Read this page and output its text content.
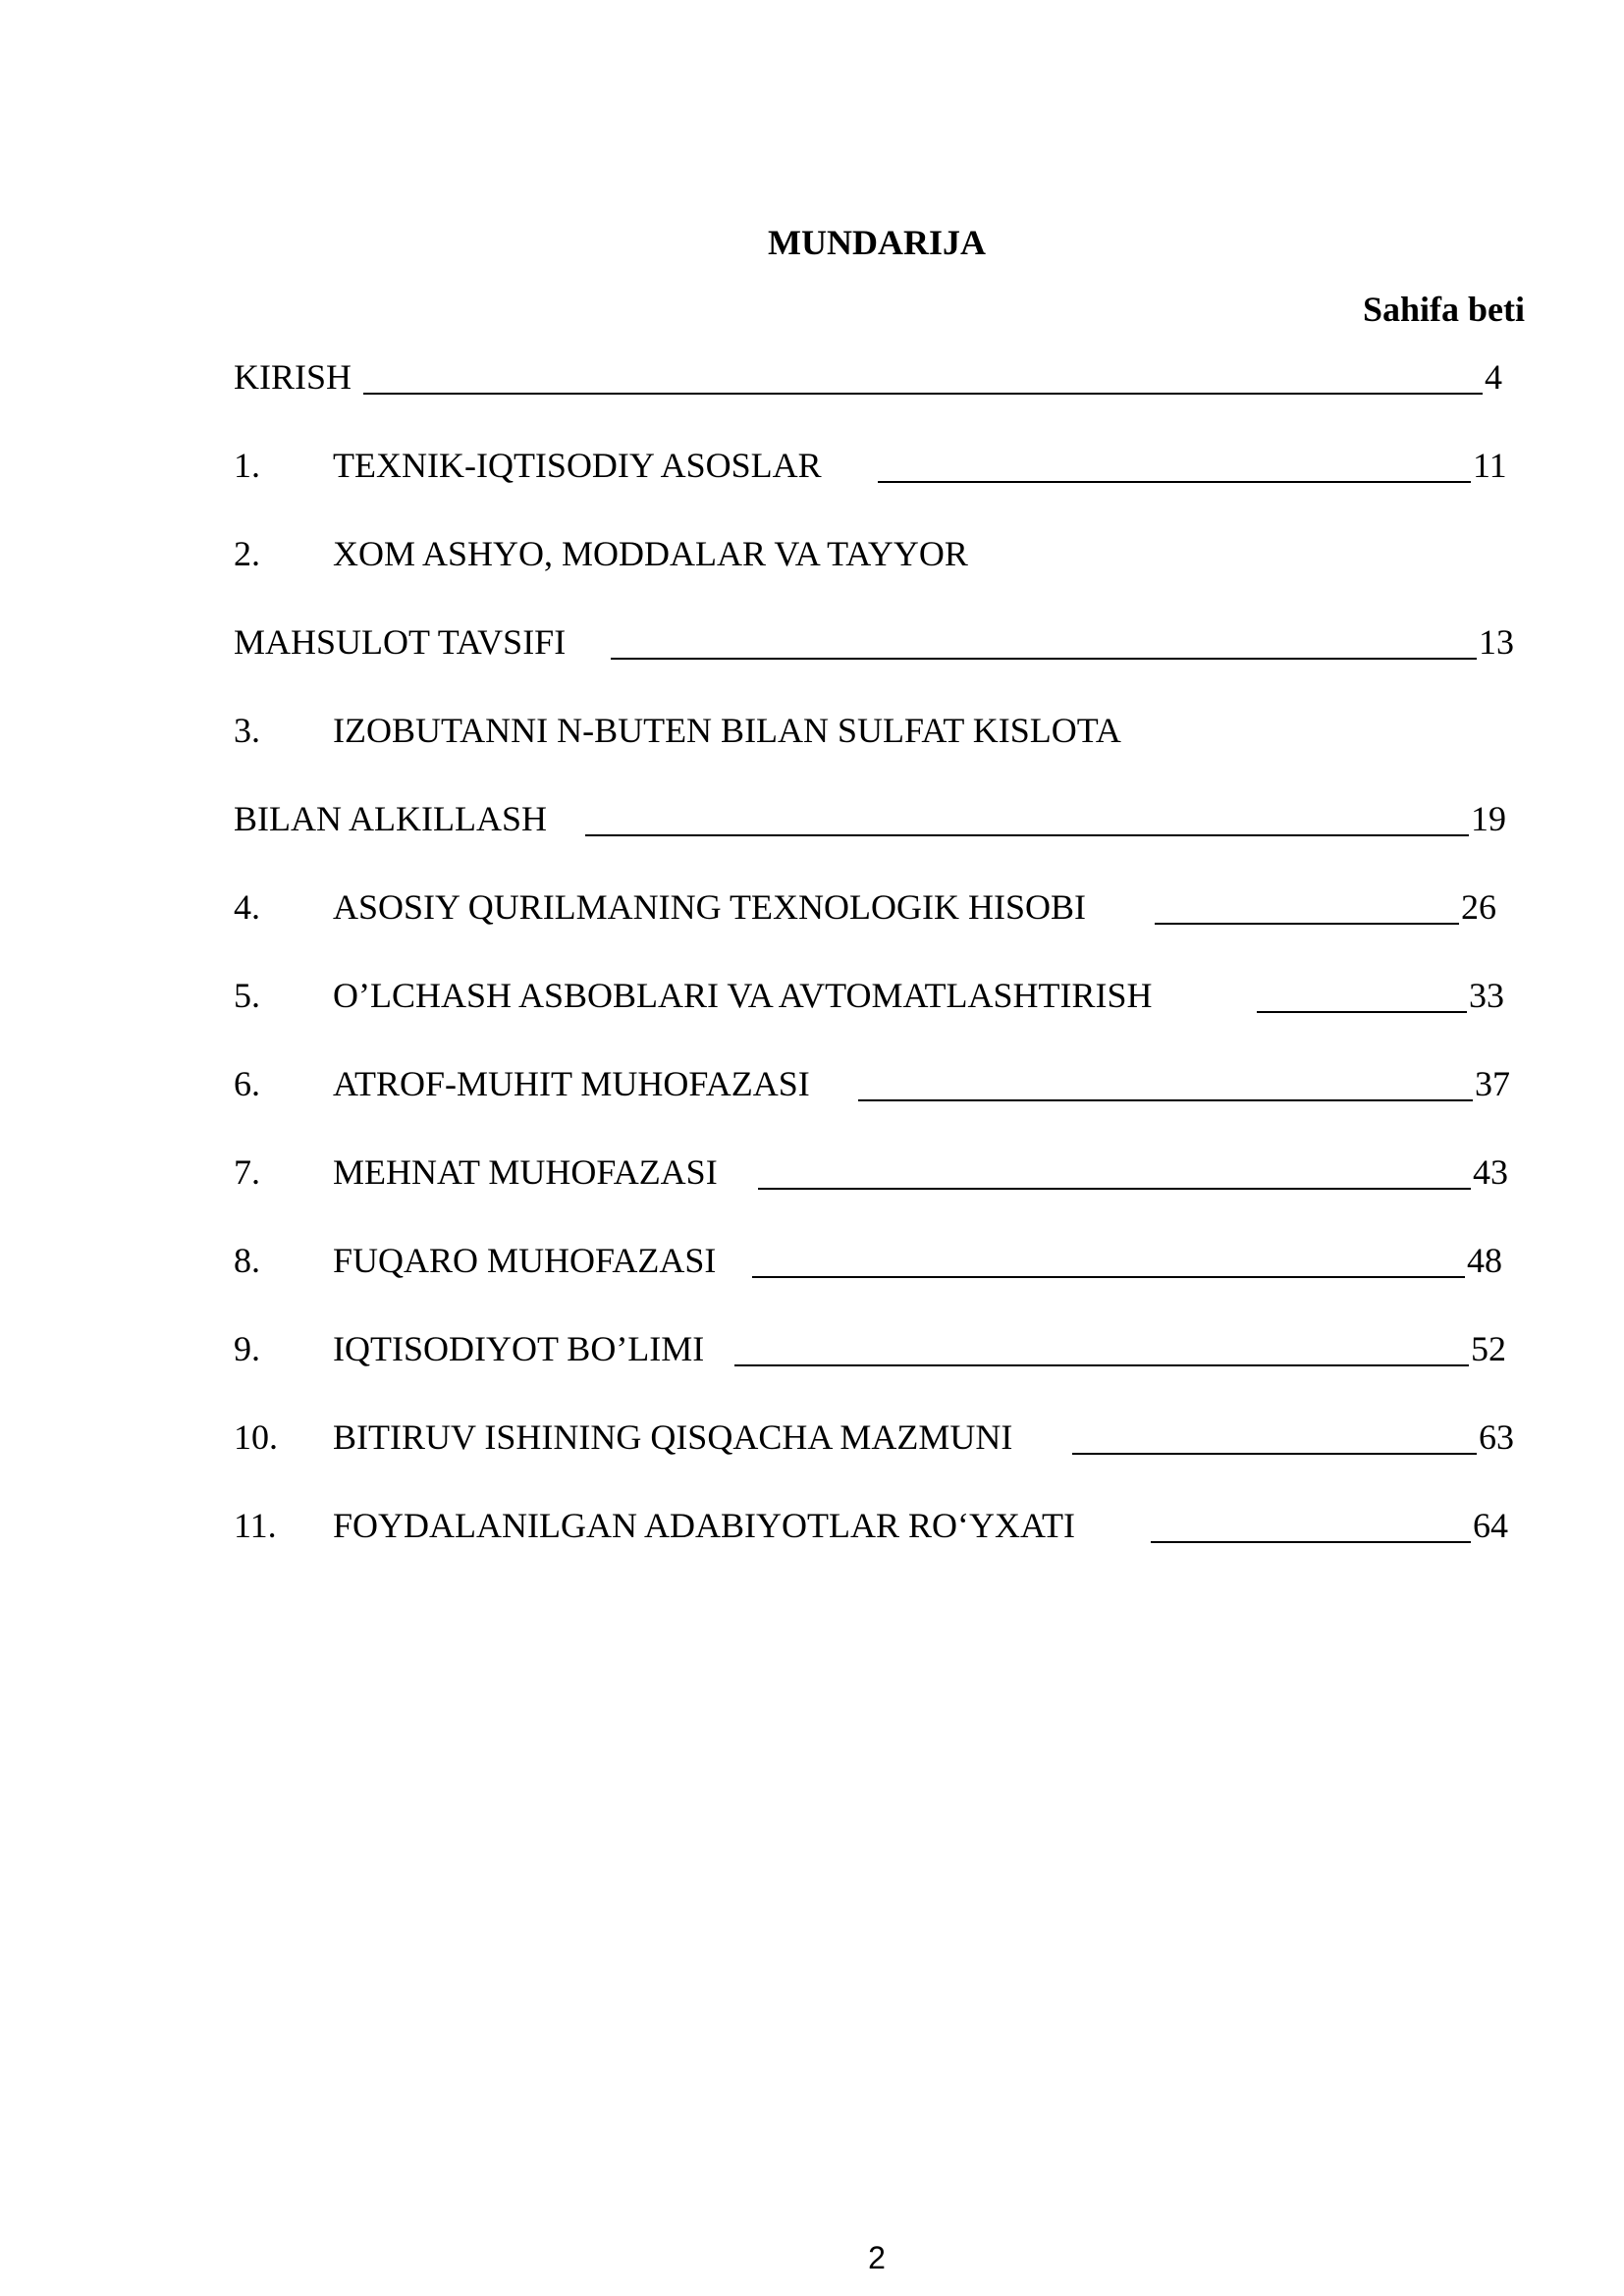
MUNDARIJA
Sahifa beti
KIRISH	4
1. TEXNIK-IQTISODIY ASOSLAR	11
2. XOM ASHYO, MODDALAR VA TAYYOR
MAHSULOT TAVSIFI	13
3. IZOBUTANNI N-BUTEN BILAN SULFAT KISLOTA
BILAN ALKILLASH	19
4. ASOSIY QURILMANING TEXNOLOGIK HISOBI	26
5. O’LCHASH ASBOBLARI VA AVTOMATLASHTIRISH	33
6. ATROF-MUHIT MUHOFAZASI	37
7. MEHNAT MUHOFAZASI	43
8. FUQARO MUHOFAZASI	48
9. IQTISODIYOT BO’LIMI	52
10. BITIRUV ISHINING QISQACHA MAZMUNI	63
11. FOYDALANILGAN ADABIYOTLAR RO‘YXATI	64
2
